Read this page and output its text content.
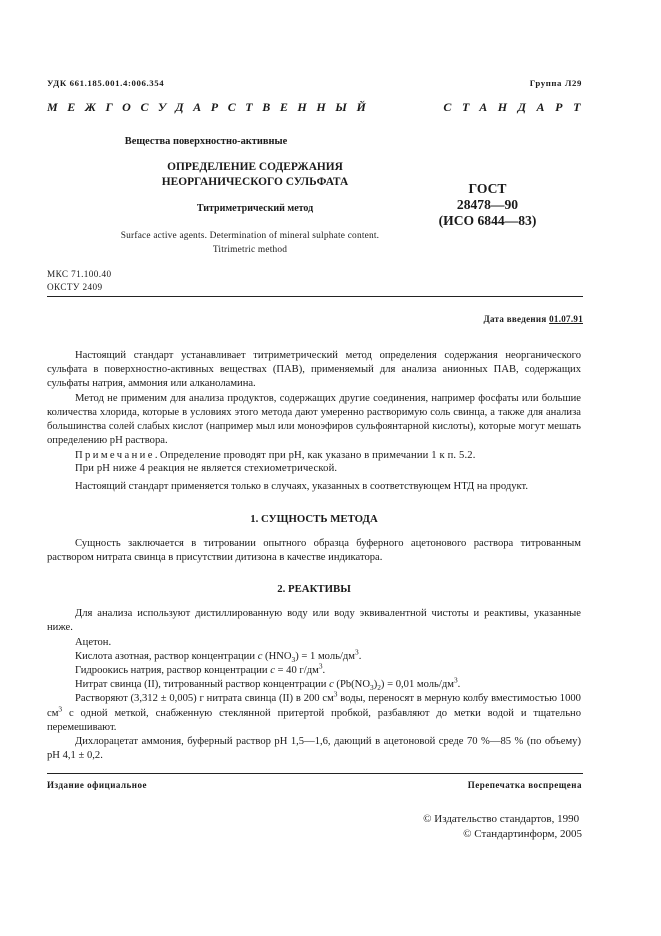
УДК 661.185.001.4:006.354	Группа Л29
МЕЖГОСУДАРСТВЕННЫЙ	СТАНДАРТ
Вещества поверхностно-активные
ОПРЕДЕЛЕНИЕ СОДЕРЖАНИЯ
НЕОРГАНИЧЕСКОГО СУЛЬФАТА
Титриметрический метод
Surface active agents. Determination of mineral sulphate content.
Titrimetric method
ГОСТ
28478—90
(ИСО 6844—83)
МКС 71.100.40
ОКСТУ 2409
Дата введения 01.07.91
Настоящий стандарт устанавливает титриметрический метод определения содержания неорганического сульфата в поверхностно-активных веществах (ПАВ), применяемый для анализа анионных ПАВ, содержащих сульфаты натрия, аммония или алканоламина.
Метод не применим для анализа продуктов, содержащих другие соединения, например фосфаты или большие количества хлорида, которые в условиях этого метода дают умеренно растворимую соль свинца, а также для анализа большинства солей слабых кислот (например мыл или моноэфиров сульфоянтарной кислоты), которые могут мешать определению pH раствора.
Примечание.Определение проводят при pH, как указано в примечании 1 к п. 5.2.
При pH ниже 4 реакция не является стехиометрической.
Настоящий стандарт применяется только в случаях, указанных в соответствующем НТД на продукт.
1. СУЩНОСТЬ МЕТОДА
Сущность заключается в титровании опытного образца буферного ацетонового раствора титрованным раствором нитрата свинца в присутствии дитизона в качестве индикатора.
2. РЕАКТИВЫ
Для анализа используют дистиллированную воду или воду эквивалентной чистоты и реактивы, указанные ниже.
Ацетон.
Кислота азотная, раствор концентрации c $(HNO_3) = 1$ моль/$дм^3$.
Гидроокись натрия, раствор концентрации c = 40 $г/дм^3$.
Нитрат свинца (II), титрованный раствор концентрации c $(Pb(NO_3)_2) = 0,01$ моль/$дм^3$.
Растворяют (3,312 ± 0,005) г нитрата свинца (II) в 200 $см^3$ воды, переносят в мерную колбу вместимостью 1000 $см^3$ с одной меткой, снабженную стеклянной притертой пробкой, разбавляют до метки водой и тщательно перемешивают.
Дихлорацетат аммония, буферный раствор pH 1,5—1,6, дающий в ацетоновой среде 70 %—85 % (по объему) pH 4,1 ± 0,2.
Издание официальное	Перепечатка воспрещена
© Издательство стандартов, 1990
© Стандартинформ, 2005
